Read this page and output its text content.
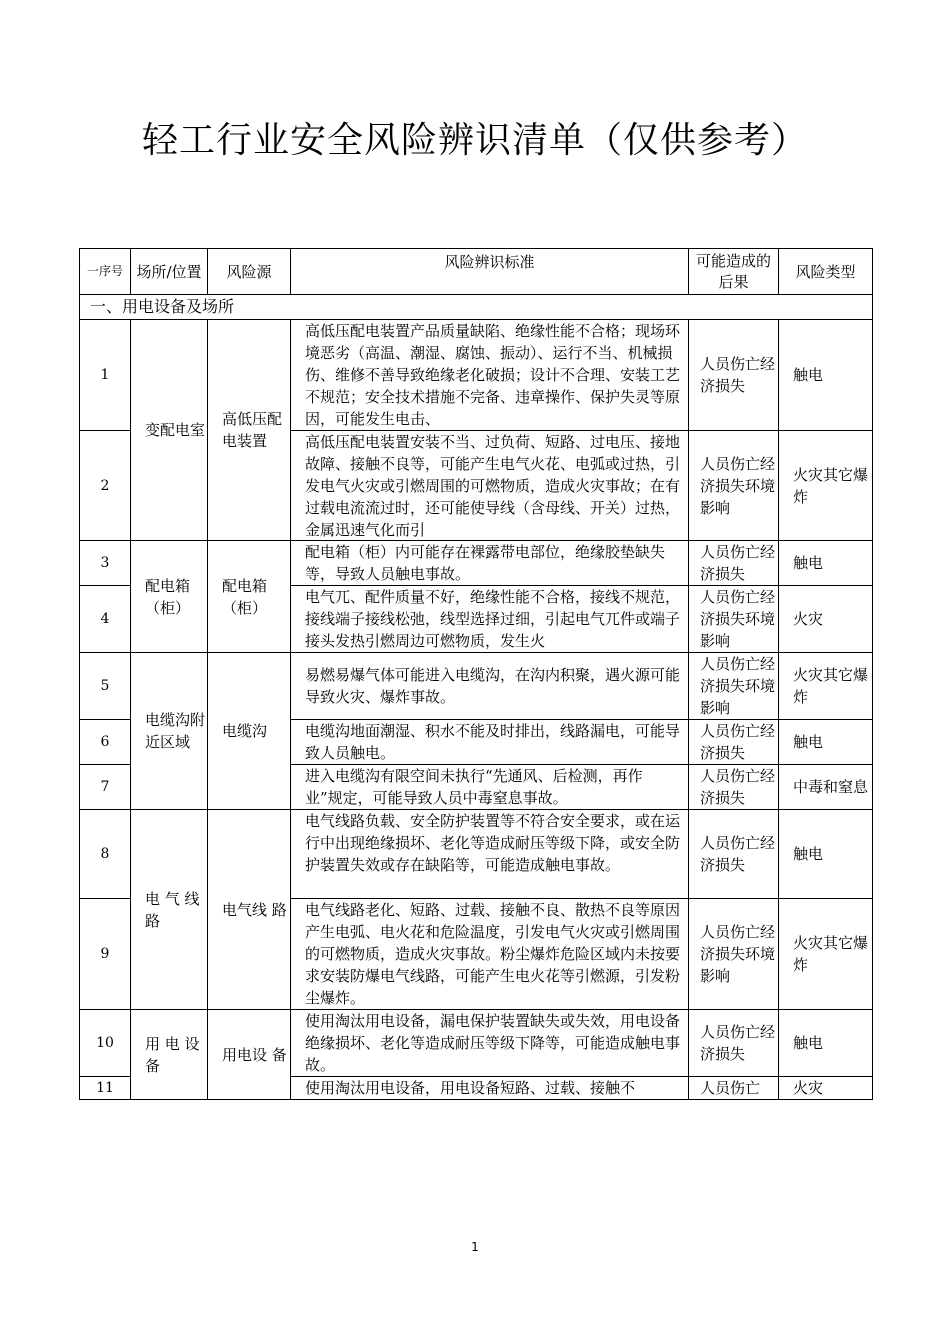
轻工行业安全风险辨识清单（仅供参考）
一序号	场所/位置	风险源	风险辨识标准	可能造成的后果	风险类型
一、用电设备及场所					
1	变配电室	高低压配电装置	高低压配电装置产品质量缺陷、绝缘性能不合格；现场环境恶劣（高温、潮湿、腐蚀、振动）、运行不当、机械损伤、维修不善导致绝缘老化破损；设计不合理、安装工艺不规范；安全技术措施不完备、违章操作、保护失灵等原因，可能发生电击、	人员伤亡经济损失	触电
2			高低压配电装置安装不当、过负荷、短路、过电压、接地故障、接触不良等，可能产生电气火花、电弧或过热，引发电气火灾或引燃周围的可燃物质，造成火灾事故；在有过载电流流过时，还可能使导线（含母线、开关）过热，金属迅速气化而引	人员伤亡经济损失环境影响	火灾其它爆炸
3	配电箱（柜）	配电箱（柜）	配电箱（柜）内可能存在裸露带电部位，绝缘胶垫缺失等，导致人员触电事故。	人员伤亡经济损失	触电
4			电气兀、配件质量不好，绝缘性能不合格，接线不规范，接线端子接线松弛，线型选择过细，引起电气兀件或端子接头发热引燃周边可燃物质，发生火	人员伤亡经济损失环境影响	火灾
5	电缆沟附近区域	电缆沟	易燃易爆气体可能进入电缆沟，在沟内积聚，遇火源可能导致火灾、爆炸事故。	人员伤亡经济损失环境影响	火灾其它爆炸
6			电缆沟地面潮湿、积水不能及时排出，线路漏电，可能导致人员触电。	人员伤亡经济损失	触电
7			进入电缆沟有限空间未执行“先通风、后检测，再作业”规定，可能导致人员中毒窒息事故。	人员伤亡经济损失	中毒和窒息
8	电 气 线 路	电气线 路	电气线路负载、安全防护装置等不符合安全要求，或在运行中出现绝缘损坏、老化等造成耐压等级下降，或安全防护装置失效或存在缺陷等，可能造成触电事故。	人员伤亡经济损失	触电
9			电气线路老化、短路、过载、接触不良、散热不良等原因产生电弧、电火花和危险温度，引发电气火灾或引燃周围的可燃物质，造成火灾事故。粉尘爆炸危险区域内未按要求安装防爆电气线路，可能产生电火花等引燃源，引发粉尘爆炸。	人员伤亡经济损失环境影响	火灾其它爆炸
10	用 电 设 备	用电设 备	使用淘汰用电设备，漏电保护装置缺失或失效，用电设备绝缘损坏、老化等造成耐压等级下降等，可能造成触电事故。	人员伤亡经济损失	触电
11			使用淘汰用电设备，用电设备短路、过载、接触不	人员伤亡	火灾
1
